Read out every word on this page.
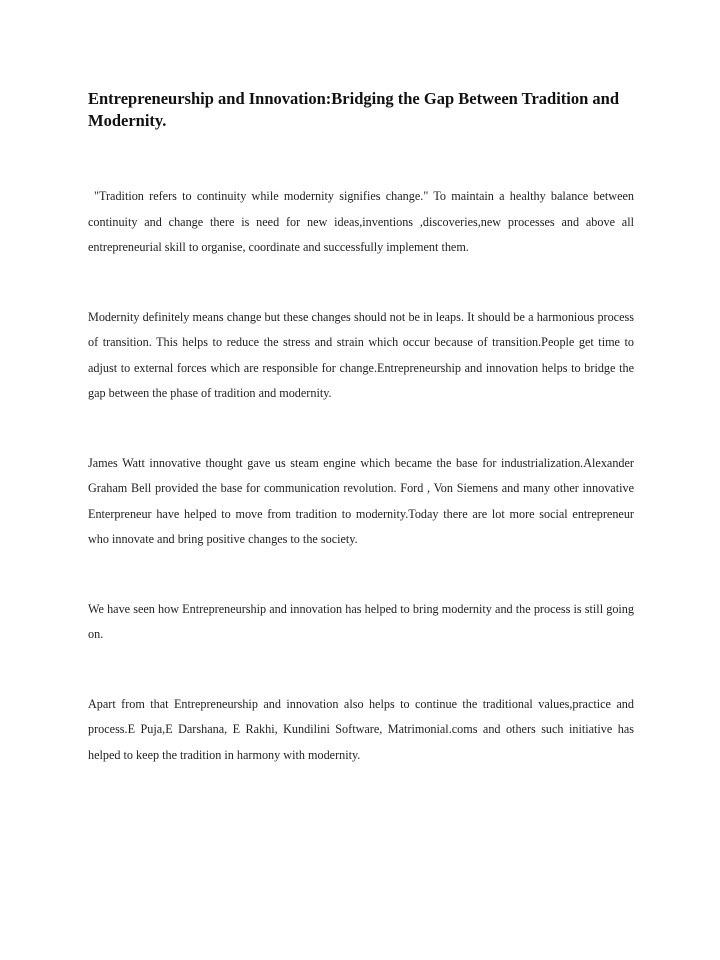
Entrepreneurship and Innovation:Bridging the Gap Between Tradition and Modernity.

"Tradition refers to continuity while modernity signifies change." To maintain a healthy balance between continuity and change there is need for new ideas,inventions ,discoveries,new processes and above all entrepreneurial skill to organise, coordinate and successfully implement them.

Modernity definitely means change but these changes should not be in leaps. It should be a harmonious process of transition. This helps to reduce the stress and strain which occur because of transition.People get time to adjust to external forces which are responsible for change.Entrepreneurship and innovation helps to bridge the gap between the phase of tradition and modernity.

James Watt innovative thought gave us steam engine which became the base for industrialization.Alexander Graham Bell provided the base for communication revolution. Ford , Von Siemens and many other innovative Enterpreneur have helped to move from tradition to modernity.Today there are lot more social entrepreneur who innovate and bring positive changes to the society.

We have seen how Entrepreneurship and innovation has helped to bring modernity and the process is still going on.

Apart from that Entrepreneurship and innovation also helps to continue the traditional values,practice and process.E Puja,E Darshana, E Rakhi, Kundilini Software, Matrimonial.coms and others such initiative has helped to keep the tradition in harmony with modernity.
